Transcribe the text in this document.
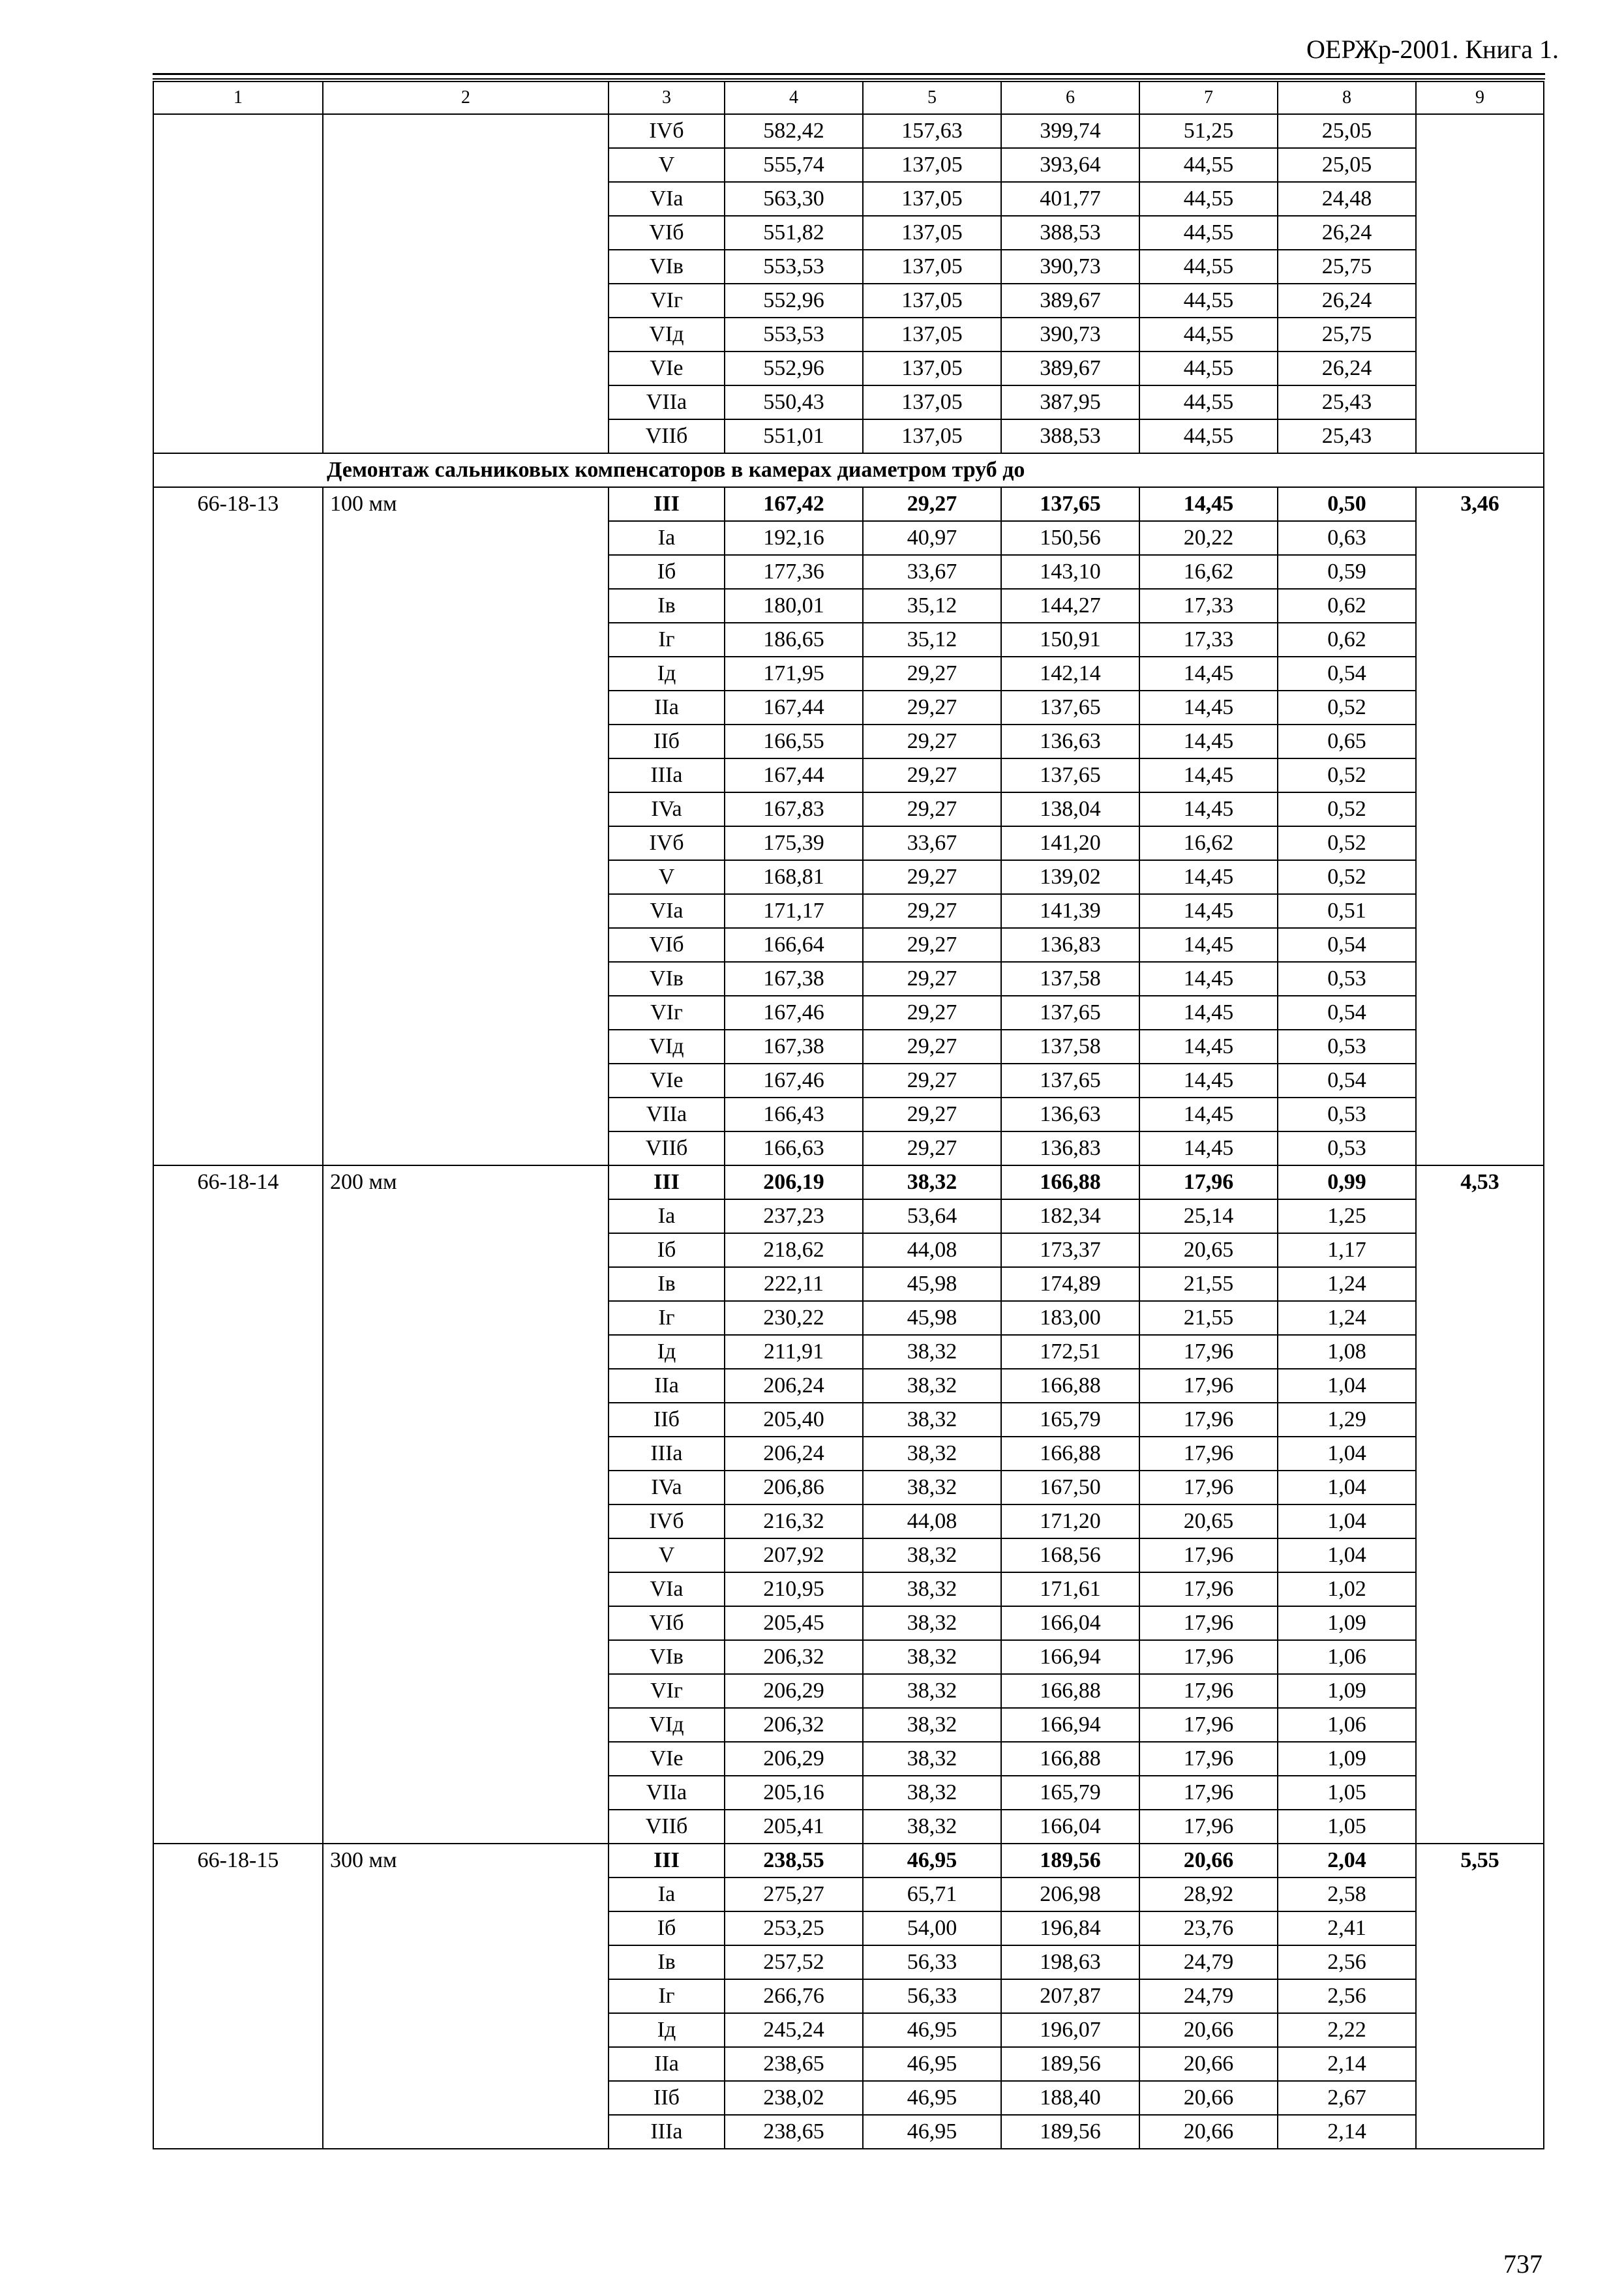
ОЕРЖр-2001. Книга 1.
1	2	3	4	5	6	7	8	9
		IVб	582,42	157,63	399,74	51,25	25,05	
		V	555,74	137,05	393,64	44,55	25,05	
		VIa	563,30	137,05	401,77	44,55	24,48	
		VIб	551,82	137,05	388,53	44,55	26,24	
		VIв	553,53	137,05	390,73	44,55	25,75	
		VIг	552,96	137,05	389,67	44,55	26,24	
		VIд	553,53	137,05	390,73	44,55	25,75	
		VIe	552,96	137,05	389,67	44,55	26,24	
		VIIa	550,43	137,05	387,95	44,55	25,43	
		VIIб	551,01	137,05	388,53	44,55	25,43	
	Демонтаж сальниковых компенсаторов в камерах диаметром труб до							
66-18-13	100 мм	III	167,42	29,27	137,65	14,45	0,50	3,46
		Ia	192,16	40,97	150,56	20,22	0,63	
		Iб	177,36	33,67	143,10	16,62	0,59	
		Iв	180,01	35,12	144,27	17,33	0,62	
		Iг	186,65	35,12	150,91	17,33	0,62	
		Iд	171,95	29,27	142,14	14,45	0,54	
		IIa	167,44	29,27	137,65	14,45	0,52	
		IIб	166,55	29,27	136,63	14,45	0,65	
		IIIa	167,44	29,27	137,65	14,45	0,52	
		IVa	167,83	29,27	138,04	14,45	0,52	
		IVб	175,39	33,67	141,20	16,62	0,52	
		V	168,81	29,27	139,02	14,45	0,52	
		VIa	171,17	29,27	141,39	14,45	0,51	
		VIб	166,64	29,27	136,83	14,45	0,54	
		VIв	167,38	29,27	137,58	14,45	0,53	
		VIг	167,46	29,27	137,65	14,45	0,54	
		VIд	167,38	29,27	137,58	14,45	0,53	
		VIe	167,46	29,27	137,65	14,45	0,54	
		VIIa	166,43	29,27	136,63	14,45	0,53	
		VIIб	166,63	29,27	136,83	14,45	0,53	
66-18-14	200 мм	III	206,19	38,32	166,88	17,96	0,99	4,53
		Ia	237,23	53,64	182,34	25,14	1,25	
		Iб	218,62	44,08	173,37	20,65	1,17	
		Iв	222,11	45,98	174,89	21,55	1,24	
		Iг	230,22	45,98	183,00	21,55	1,24	
		Iд	211,91	38,32	172,51	17,96	1,08	
		IIa	206,24	38,32	166,88	17,96	1,04	
		IIб	205,40	38,32	165,79	17,96	1,29	
		IIIa	206,24	38,32	166,88	17,96	1,04	
		IVa	206,86	38,32	167,50	17,96	1,04	
		IVб	216,32	44,08	171,20	20,65	1,04	
		V	207,92	38,32	168,56	17,96	1,04	
		VIa	210,95	38,32	171,61	17,96	1,02	
		VIб	205,45	38,32	166,04	17,96	1,09	
		VIв	206,32	38,32	166,94	17,96	1,06	
		VIг	206,29	38,32	166,88	17,96	1,09	
		VIд	206,32	38,32	166,94	17,96	1,06	
		VIe	206,29	38,32	166,88	17,96	1,09	
		VIIa	205,16	38,32	165,79	17,96	1,05	
		VIIб	205,41	38,32	166,04	17,96	1,05	
66-18-15	300 мм	III	238,55	46,95	189,56	20,66	2,04	5,55
		Ia	275,27	65,71	206,98	28,92	2,58	
		Iб	253,25	54,00	196,84	23,76	2,41	
		Iв	257,52	56,33	198,63	24,79	2,56	
		Iг	266,76	56,33	207,87	24,79	2,56	
		Iд	245,24	46,95	196,07	20,66	2,22	
		IIa	238,65	46,95	189,56	20,66	2,14	
		IIб	238,02	46,95	188,40	20,66	2,67	
		IIIa	238,65	46,95	189,56	20,66	2,14	
737
